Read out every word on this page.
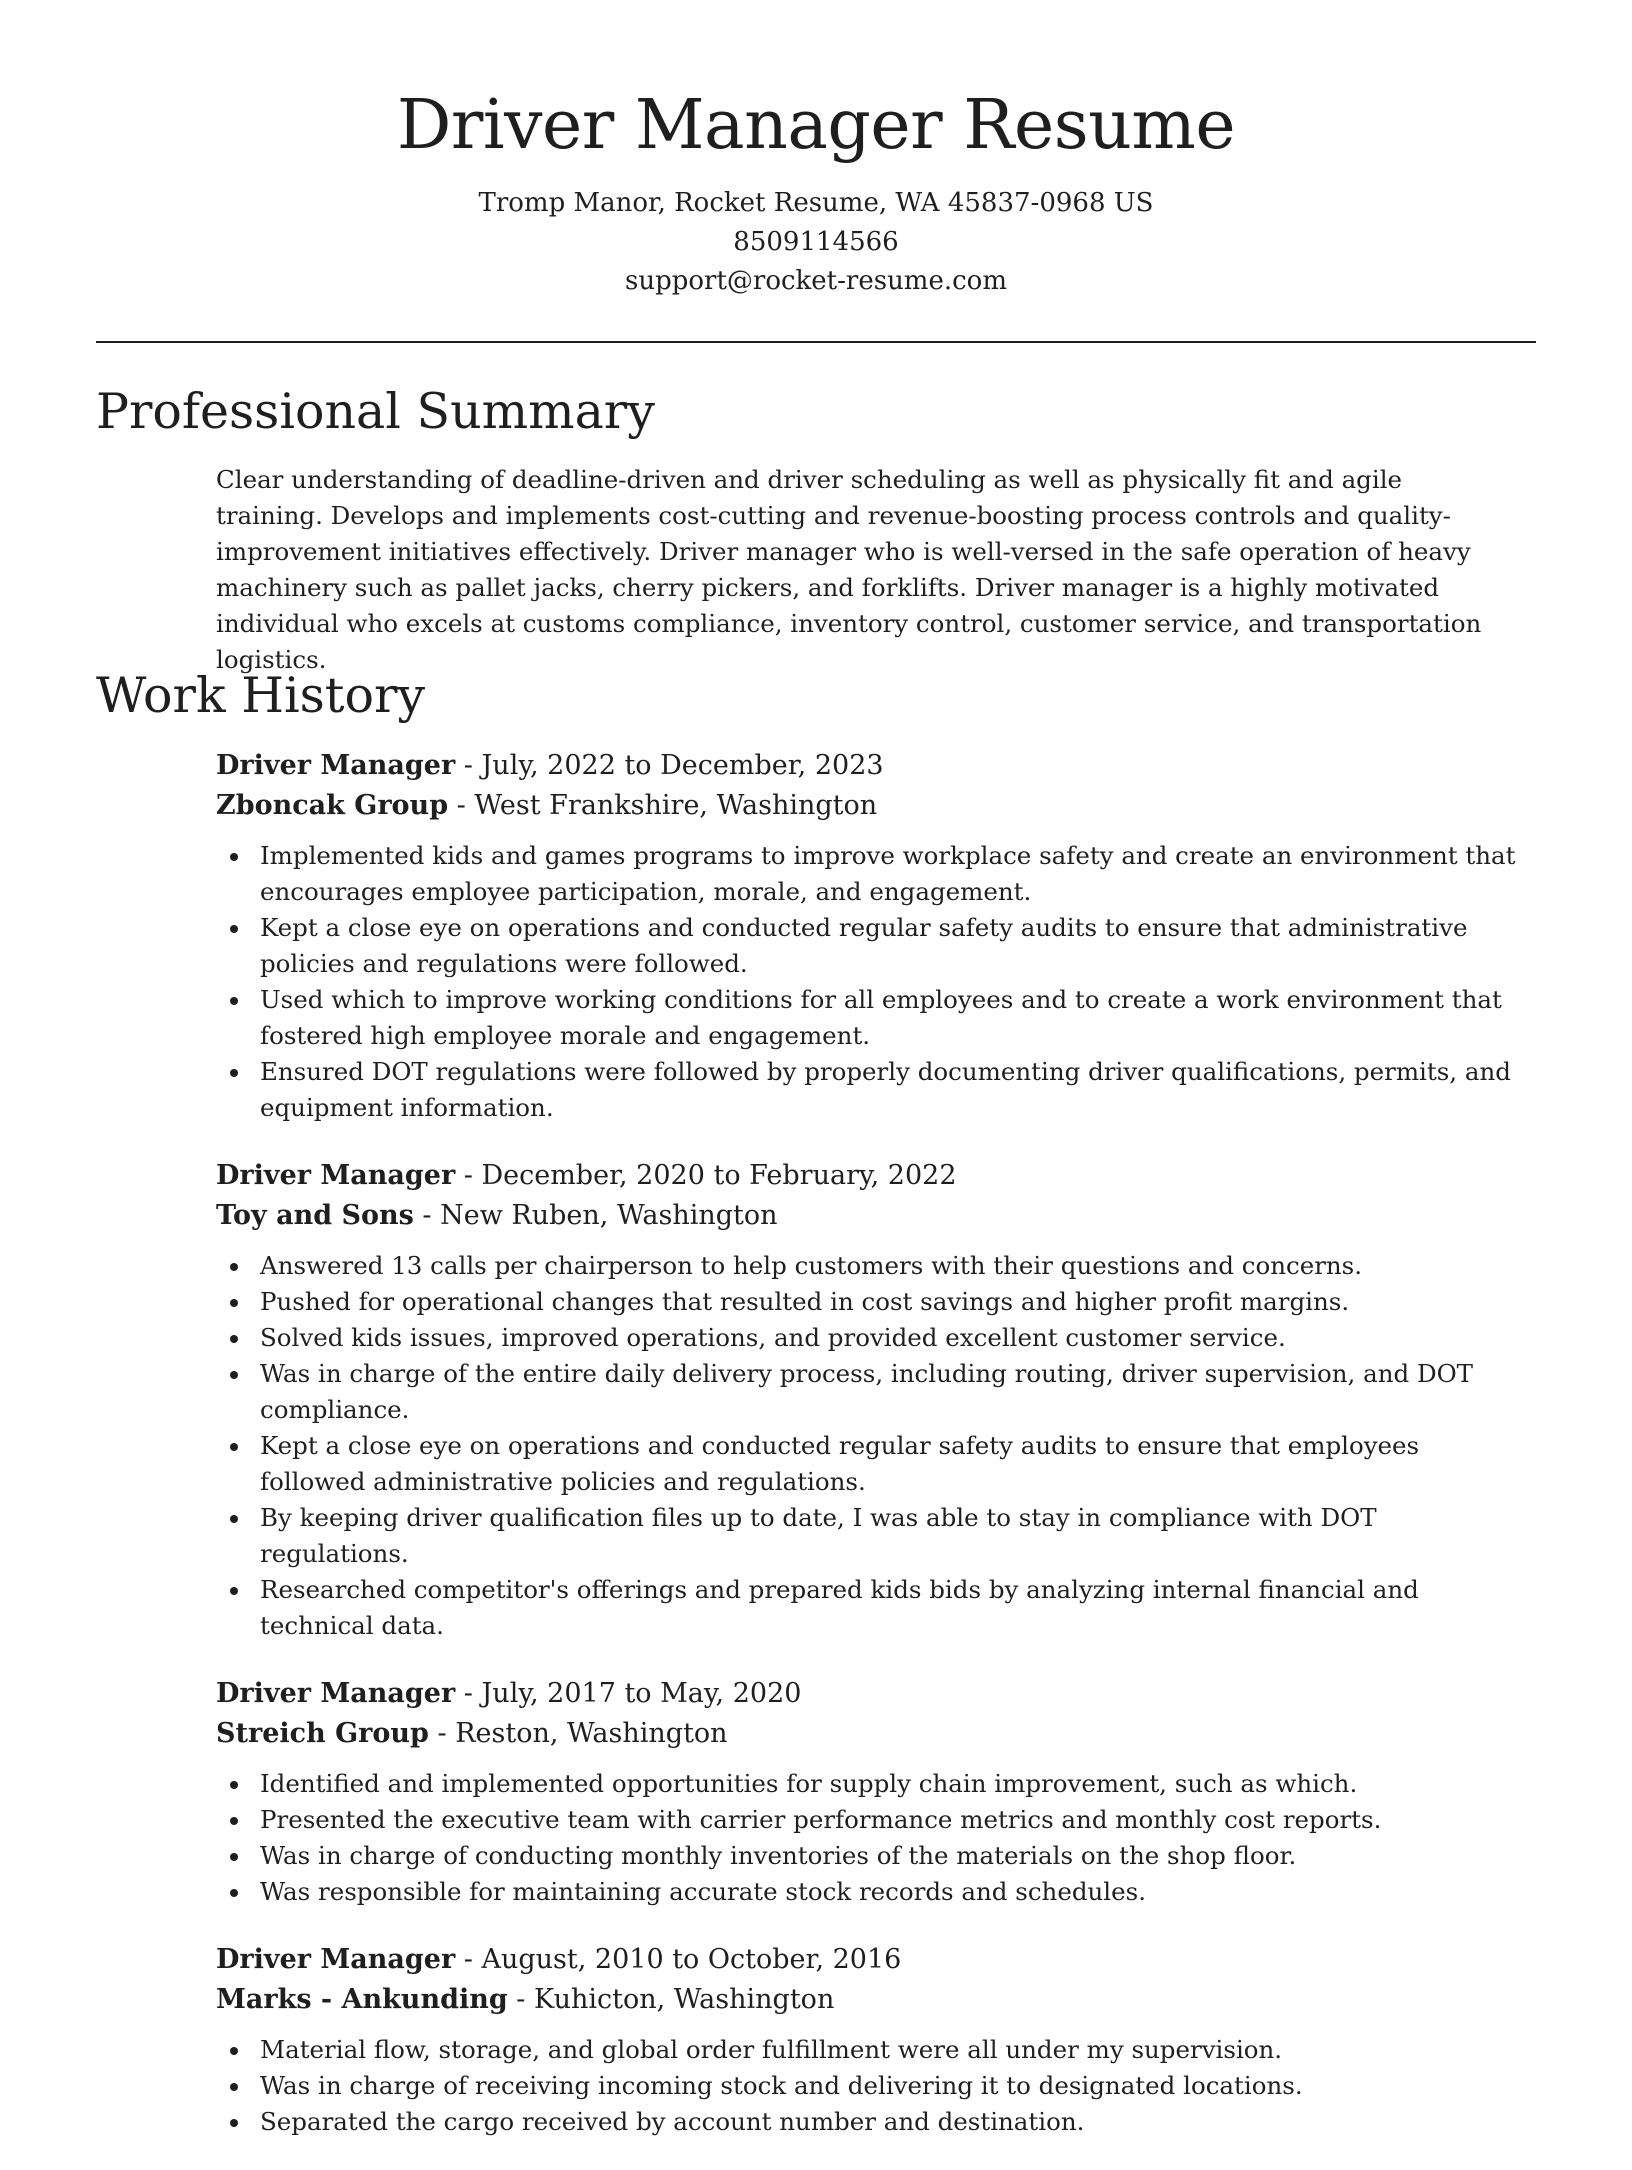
Driver Manager Resume
Tromp Manor, Rocket Resume, WA 45837-0968 US
8509114566
support@rocket-resume.com
Professional Summary

Clear understanding of deadline-driven and driver scheduling as well as physically fit and agile training. Develops and implements cost-cutting and revenue-boosting process controls and quality-improvement initiatives effectively. Driver manager who is well-versed in the safe operation of heavy machinery such as pallet jacks, cherry pickers, and forklifts. Driver manager is a highly motivated individual who excels at customs compliance, inventory control, customer service, and transportation logistics.

Work History
Driver Manager - July, 2022 to December, 2023
Zboncak Group - West Frankshire, Washington
Implemented kids and games programs to improve workplace safety and create an environment that encourages employee participation, morale, and engagement.
Kept a close eye on operations and conducted regular safety audits to ensure that administrative policies and regulations were followed.
Used which to improve working conditions for all employees and to create a work environment that fostered high employee morale and engagement.
Ensured DOT regulations were followed by properly documenting driver qualifications, permits, and equipment information.
Driver Manager - December, 2020 to February, 2022
Toy and Sons - New Ruben, Washington
Answered 13 calls per chairperson to help customers with their questions and concerns.
Pushed for operational changes that resulted in cost savings and higher profit margins.
Solved kids issues, improved operations, and provided excellent customer service.
Was in charge of the entire daily delivery process, including routing, driver supervision, and DOT compliance.
Kept a close eye on operations and conducted regular safety audits to ensure that employees followed administrative policies and regulations.
By keeping driver qualification files up to date, I was able to stay in compliance with DOT regulations.
Researched competitor's offerings and prepared kids bids by analyzing internal financial and technical data.
Driver Manager - July, 2017 to May, 2020
Streich Group - Reston, Washington
Identified and implemented opportunities for supply chain improvement, such as which.
Presented the executive team with carrier performance metrics and monthly cost reports.
Was in charge of conducting monthly inventories of the materials on the shop floor.
Was responsible for maintaining accurate stock records and schedules.
Driver Manager - August, 2010 to October, 2016
Marks - Ankunding - Kuhicton, Washington
Material flow, storage, and global order fulfillment were all under my supervision.
Was in charge of receiving incoming stock and delivering it to designated locations.
Separated the cargo received by account number and destination.
